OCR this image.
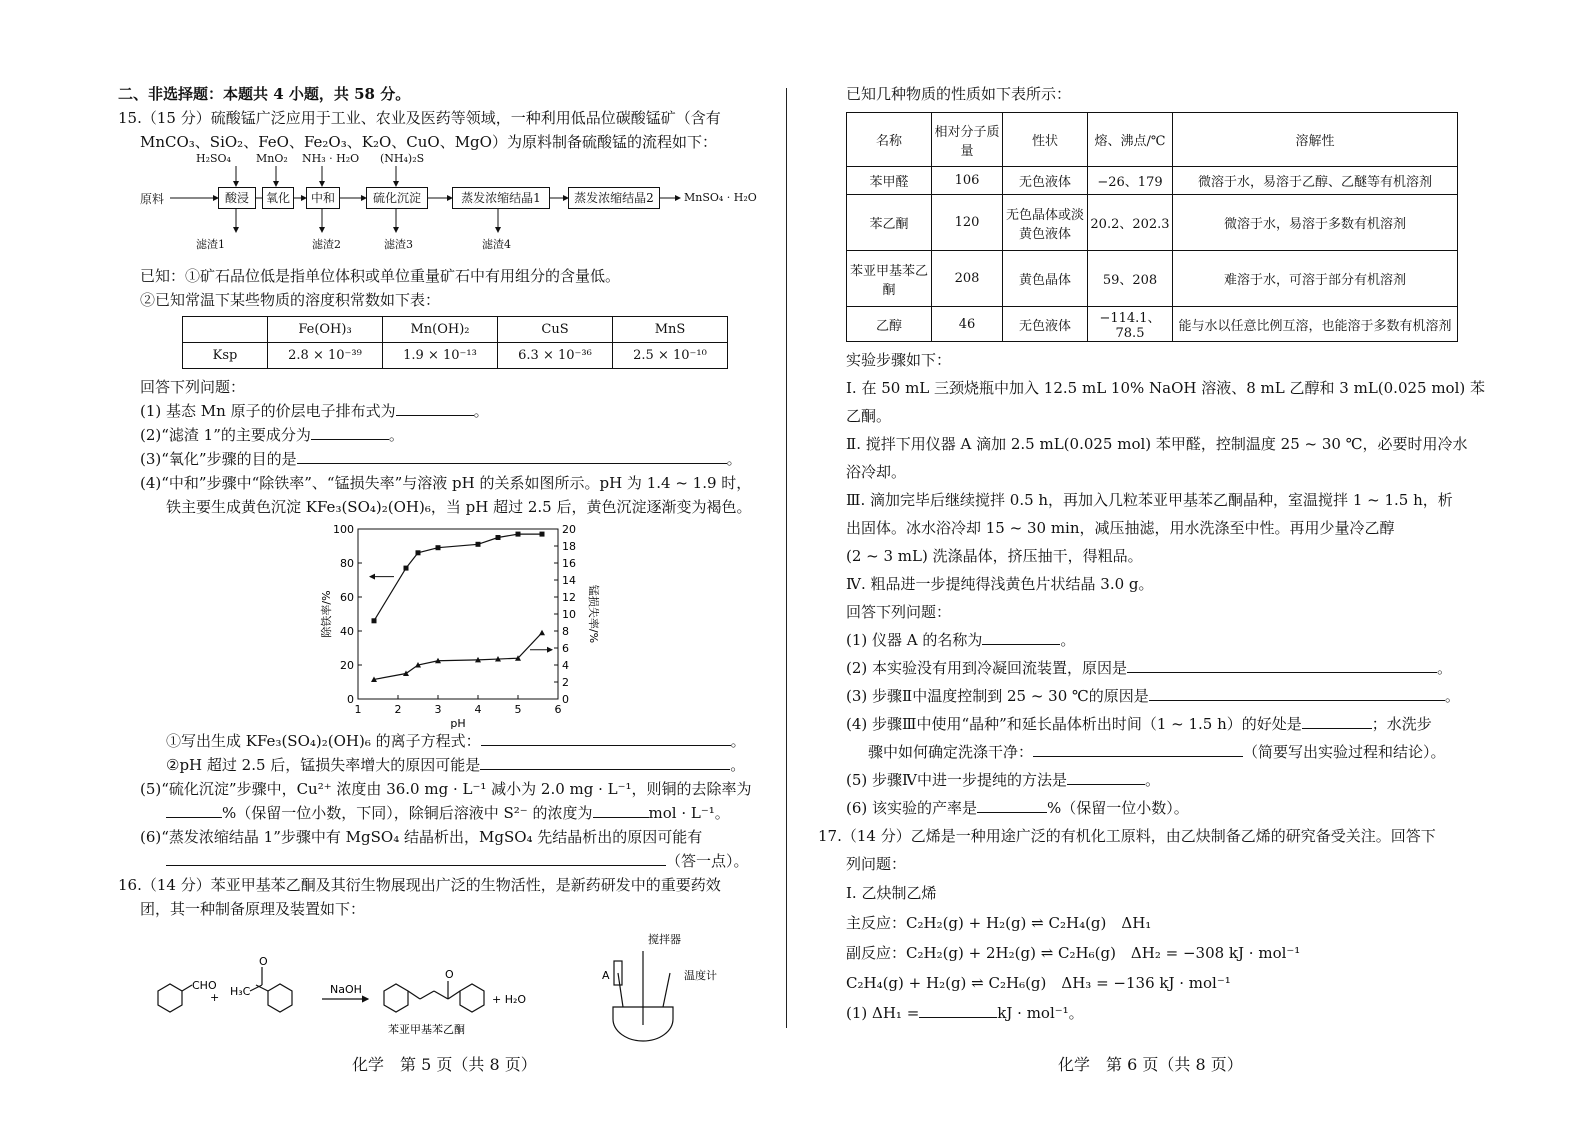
二、非选择题：本题共 4 小题，共 58 分。
15.（15 分）硫酸锰广泛应用于工业、农业及医药等领域，一种利用低品位碳酸锰矿（含有
MnCO₃、SiO₂、FeO、Fe₂O₃、K₂O、CuO、MgO）为原料制备硫酸锰的流程如下：
原料	酸浸	氧化	中和	硫化沉淀	蒸发浓缩结晶1	蒸发浓缩结晶2	MnSO₄ · H₂O
H₂SO₄ MnO₂ NH₃ · H₂O (NH₄)₂S
滤渣1	滤渣2	滤渣3	滤渣4
已知：①矿石品位低是指单位体积或单位重量矿石中有用组分的含量低。
②已知常温下某些物质的溶度积常数如下表：
	Fe(OH)₃	Mn(OH)₂	CuS	MnS
Ksp	2.8 × 10⁻³⁹	1.9 × 10⁻¹³	6.3 × 10⁻³⁶	2.5 × 10⁻¹⁰
回答下列问题：
(1) 基态 Mn 原子的价层电子排布式为	。
(2)“滤渣 1”的主要成分为	。
(3)“氧化”步骤的目的是	。
(4)“中和”步骤中“除铁率”、“锰损失率”与溶液 pH 的关系如图所示。pH 为 1.4 ~ 1.9 时，
铁主要生成黄色沉淀 KFe₃(SO₄)₂(OH)₆，当 pH 超过 2.5 后，黄色沉淀逐渐变为褐色。
1	2	3	4	5	6
0
20
40
60
80
100
0
2
4
6
8
10
12
14
16
18
20
pH
除铁率/%	锰损失率/%
①写出生成 KFe₃(SO₄)₂(OH)₆ 的离子方程式：	。
②pH 超过 2.5 后，锰损失率增大的原因可能是	。
(5)“硫化沉淀”步骤中，Cu²⁺ 浓度由 36.0 mg · L⁻¹ 减小为 2.0 mg · L⁻¹，则铜的去除率为
%（保留一位小数，下同），除铜后溶液中 S²⁻ 的浓度为	mol · L⁻¹。
(6)“蒸发浓缩结晶 1”步骤中有 MgSO₄ 结晶析出，MgSO₄ 先结晶析出的原因可能有
（答一点）。
16.（14 分）苯亚甲基苯乙酮及其衍生物展现出广泛的生物活性，是新药研发中的重要药效
团，其一种制备原理及装置如下：
CHO
+ H₃C
O
O
NaOH
+ H₂O
苯亚甲基苯乙酮
搅拌器
A	温度计
已知几种物质的性质如下表所示：
名称	相对分子质量	性状	熔、沸点/℃	溶解性
苯甲醛	106	无色液体	−26、179	微溶于水，易溶于乙醇、乙醚等有机溶剂
苯乙酮	120	无色晶体或淡黄色液体	20.2、202.3	微溶于水，易溶于多数有机溶剂
苯亚甲基苯乙酮	208	黄色晶体	59、208	难溶于水，可溶于部分有机溶剂
乙醇	46	无色液体	−114.1、78.5	能与水以任意比例互溶，也能溶于多数有机溶剂
实验步骤如下：
Ⅰ. 在 50 mL 三颈烧瓶中加入 12.5 mL 10% NaOH 溶液、8 mL 乙醇和 3 mL(0.025 mol) 苯
乙酮。
Ⅱ. 搅拌下用仪器 A 滴加 2.5 mL(0.025 mol) 苯甲醛，控制温度 25 ~ 30 ℃，必要时用冷水
浴冷却。
Ⅲ. 滴加完毕后继续搅拌 0.5 h，再加入几粒苯亚甲基苯乙酮晶种，室温搅拌 1 ~ 1.5 h，析
出固体。冰水浴冷却 15 ~ 30 min，减压抽滤，用水洗涤至中性。再用少量冷乙醇
(2 ~ 3 mL) 洗涤晶体，挤压抽干，得粗品。
Ⅳ. 粗品进一步提纯得浅黄色片状结晶 3.0 g。
回答下列问题：
(1) 仪器 A 的名称为	。
(2) 本实验没有用到冷凝回流装置，原因是	。
(3) 步骤Ⅱ中温度控制到 25 ~ 30 ℃的原因是	。
(4) 步骤Ⅲ中使用“晶种”和延长晶体析出时间（1 ~ 1.5 h）的好处是	；水洗步
骤中如何确定洗涤干净：	（简要写出实验过程和结论）。
(5) 步骤Ⅳ中进一步提纯的方法是	。
(6) 该实验的产率是	%（保留一位小数）。
17.（14 分）乙烯是一种用途广泛的有机化工原料，由乙炔制备乙烯的研究备受关注。回答下
列问题：
Ⅰ. 乙炔制乙烯
主反应：C₂H₂(g) + H₂(g) ⇌ C₂H₄(g)　ΔH₁
副反应：C₂H₂(g) + 2H₂(g) ⇌ C₂H₆(g)　ΔH₂ = −308 kJ · mol⁻¹
C₂H₄(g) + H₂(g) ⇌ C₂H₆(g)　ΔH₃ = −136 kJ · mol⁻¹
(1) ΔH₁ =	kJ · mol⁻¹。
化学　第 5 页（共 8 页）	化学　第 6 页（共 8 页）
